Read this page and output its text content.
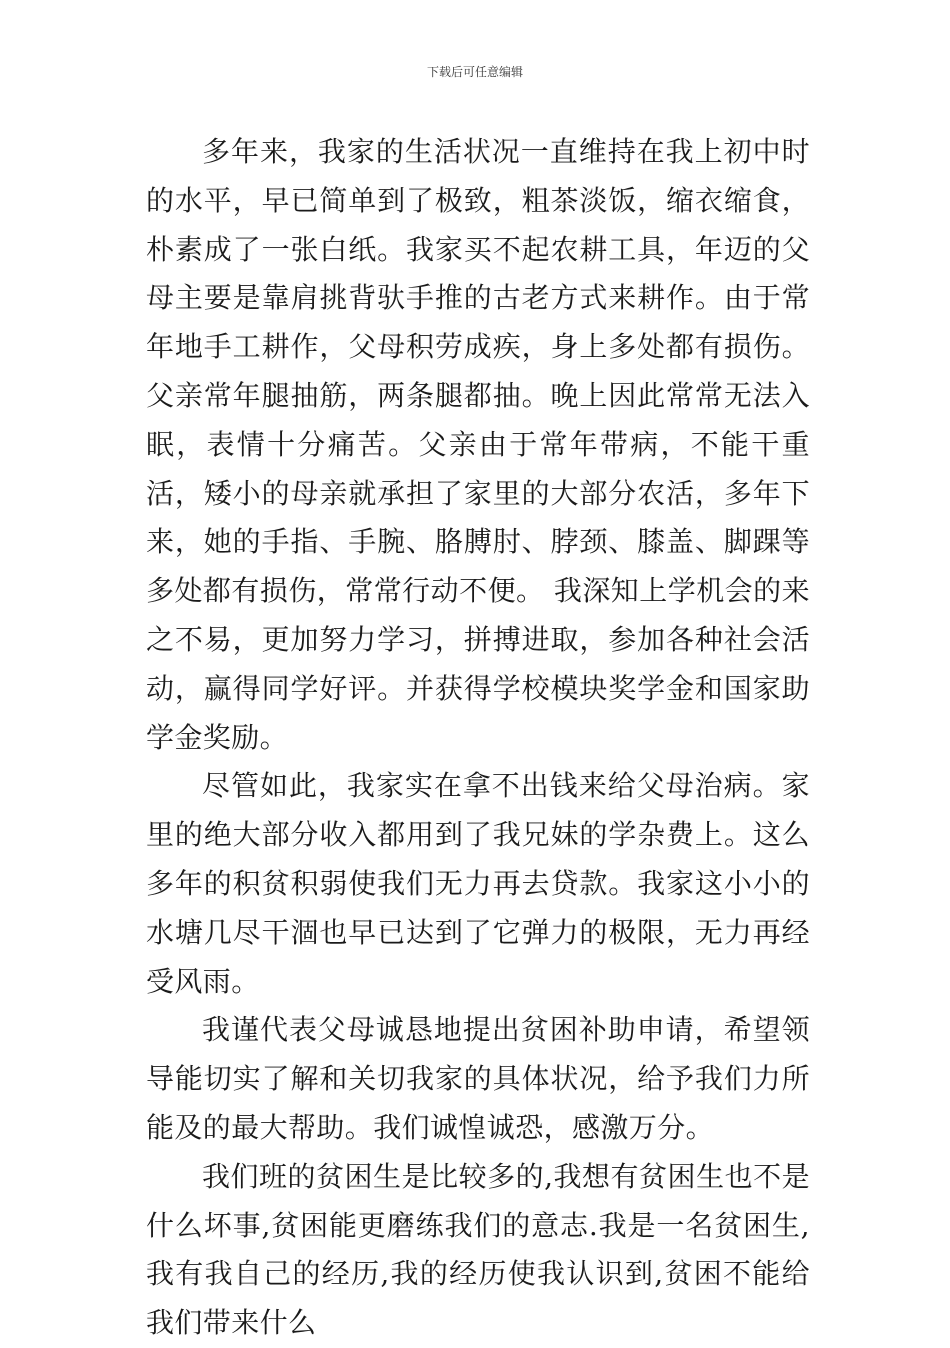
下载后可任意编辑

多年来，我家的生活状况一直维持在我上初中时的水平，早已简单到了极致，粗茶淡饭，缩衣缩食，朴素成了一张白纸。我家买不起农耕工具，年迈的父母主要是靠肩挑背驮手推的古老方式来耕作。由于常年地手工耕作，父母积劳成疾，身上多处都有损伤。父亲常年腿抽筋，两条腿都抽。晚上因此常常无法入眠，表情十分痛苦。父亲由于常年带病，不能干重活，矮小的母亲就承担了家里的大部分农活，多年下来，她的手指、手腕、胳膊肘、脖颈、膝盖、脚踝等多处都有损伤，常常行动不便。 我深知上学机会的来之不易，更加努力学习，拼搏进取，参加各种社会活动，赢得同学好评。并获得学校模块奖学金和国家助学金奖励。

尽管如此，我家实在拿不出钱来给父母治病。家里的绝大部分收入都用到了我兄妹的学杂费上。这么多年的积贫积弱使我们无力再去贷款。我家这小小的水塘几尽干涸也早已达到了它弹力的极限，无力再经受风雨。

我谨代表父母诚恳地提出贫困补助申请，希望领导能切实了解和关切我家的具体状况，给予我们力所能及的最大帮助。我们诚惶诚恐，感激万分。

我们班的贫困生是比较多的,我想有贫困生也不是什么坏事,贫困能更磨练我们的意志.我是一名贫困生,我有我自己的经历,我的经历使我认识到,贫困不能给我们带来什么
